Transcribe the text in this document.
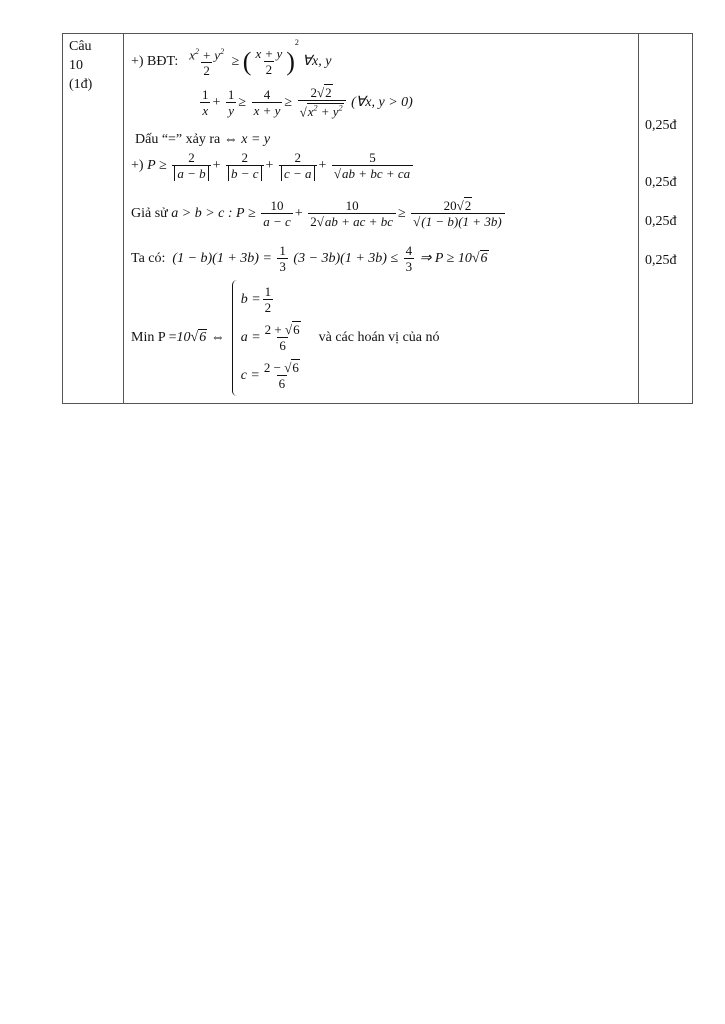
Câu
10
(1đ)
+) BĐT: $\frac{x^2 + y^2}{2}$ ≥ ( $\frac{x + y}{2} )^2$ ∀x, y
$\frac{1}{x} + \frac{1}{y} \ge \frac{4}{x + y} \ge \frac{2√2}{√x^2 + y^2}$ (∀x, y > 0)
Dấu “=” xảy ra ⇔ x = y
+) $P \ge \frac{2}{a - b} + \frac{2}{b - c} + \frac{2}{c - a} + \frac{5}{√ab + bc + ca}$
Giả sử a > b > c : $P \ge \frac{10}{a - c} + \frac{10}{2√ab + ac + bc} \ge \frac{20√2}{√(1 - b)(1 + 3b)}$
Ta có: $(1 - b)(1 + 3b) = \frac{1}{3} (3 - 3b)(1 + 3b) \le \frac{4}{3}$ ⇒ P ≥ 10√6
Min P =10√6 ⇔
$b = \frac{1}{2}$
$a = \frac{2 + √6}{6}$
và các hoán vị của nó
$c = \frac{2 - √6}{6}$
0,25đ
0,25đ
0,25đ
0,25đ
